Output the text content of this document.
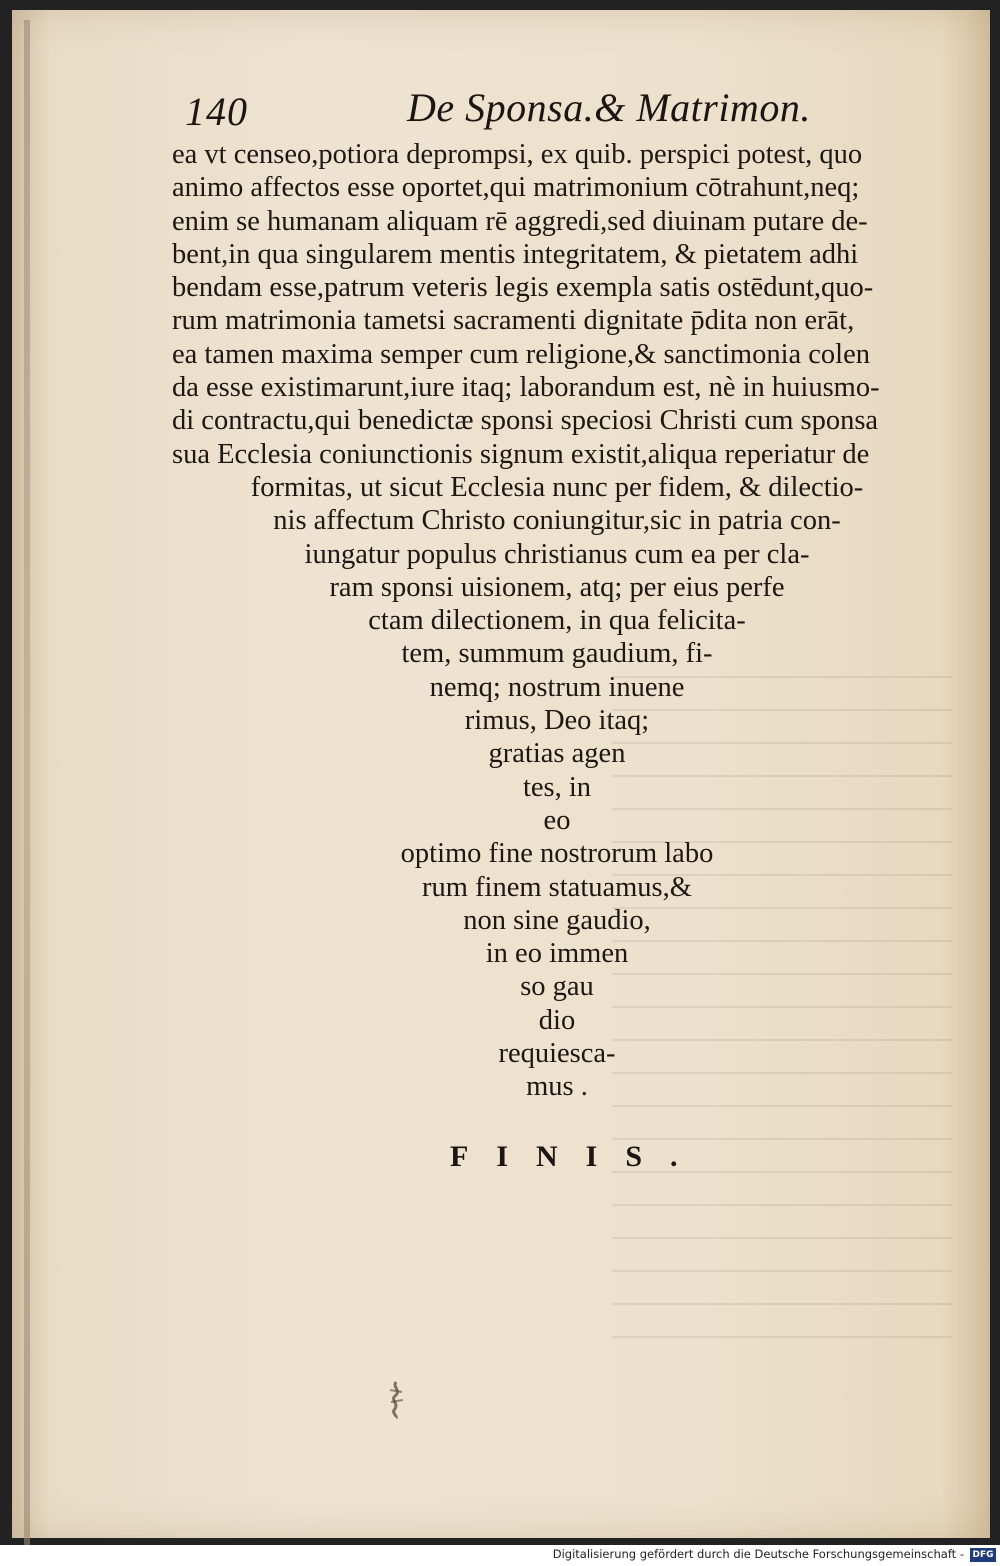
140	De Sponsa.& Matrimon.
ea vt censeo,potiora deprompsi, ex quib. perspici potest, quo
animo affectos esse oportet,qui matrimonium cōtrahunt,neq;
enim se humanam aliquam rē aggredi,sed diuinam putare de-
bent,in qua singularem mentis integritatem, & pietatem adhi
bendam esse,patrum veteris legis exempla satis ostēdunt,quo-
rum matrimonia tametsi sacramenti dignitate p̄dita non erāt,
ea tamen maxima semper cum religione,& sanctimonia colen
da esse existimarunt,iure itaq; laborandum est, nè in huiusmo-
di contractu,qui benedictæ sponsi speciosi Christi cum sponsa
sua Ecclesia coniunctionis signum existit,aliqua reperiatur de
formitas, ut sicut Ecclesia nunc per fidem, & dilectio-
nis affectum Christo coniungitur,sic in patria con-
iungatur populus christianus cum ea per cla-
ram sponsi uisionem, atq; per eius perfe
ctam dilectionem, in qua felicita-
tem, summum gaudium, fi-
nemq; nostrum inuene
rimus, Deo itaq;
gratias agen
tes, in
eo
optimo fine nostrorum labo
rum finem statuamus,&
non sine gaudio,
in eo immen
so gau
dio
requiesca-
mus .
FINIS.
Digitalisierung gefördert durch die Deutsche Forschungsgemeinschaft - DFG
